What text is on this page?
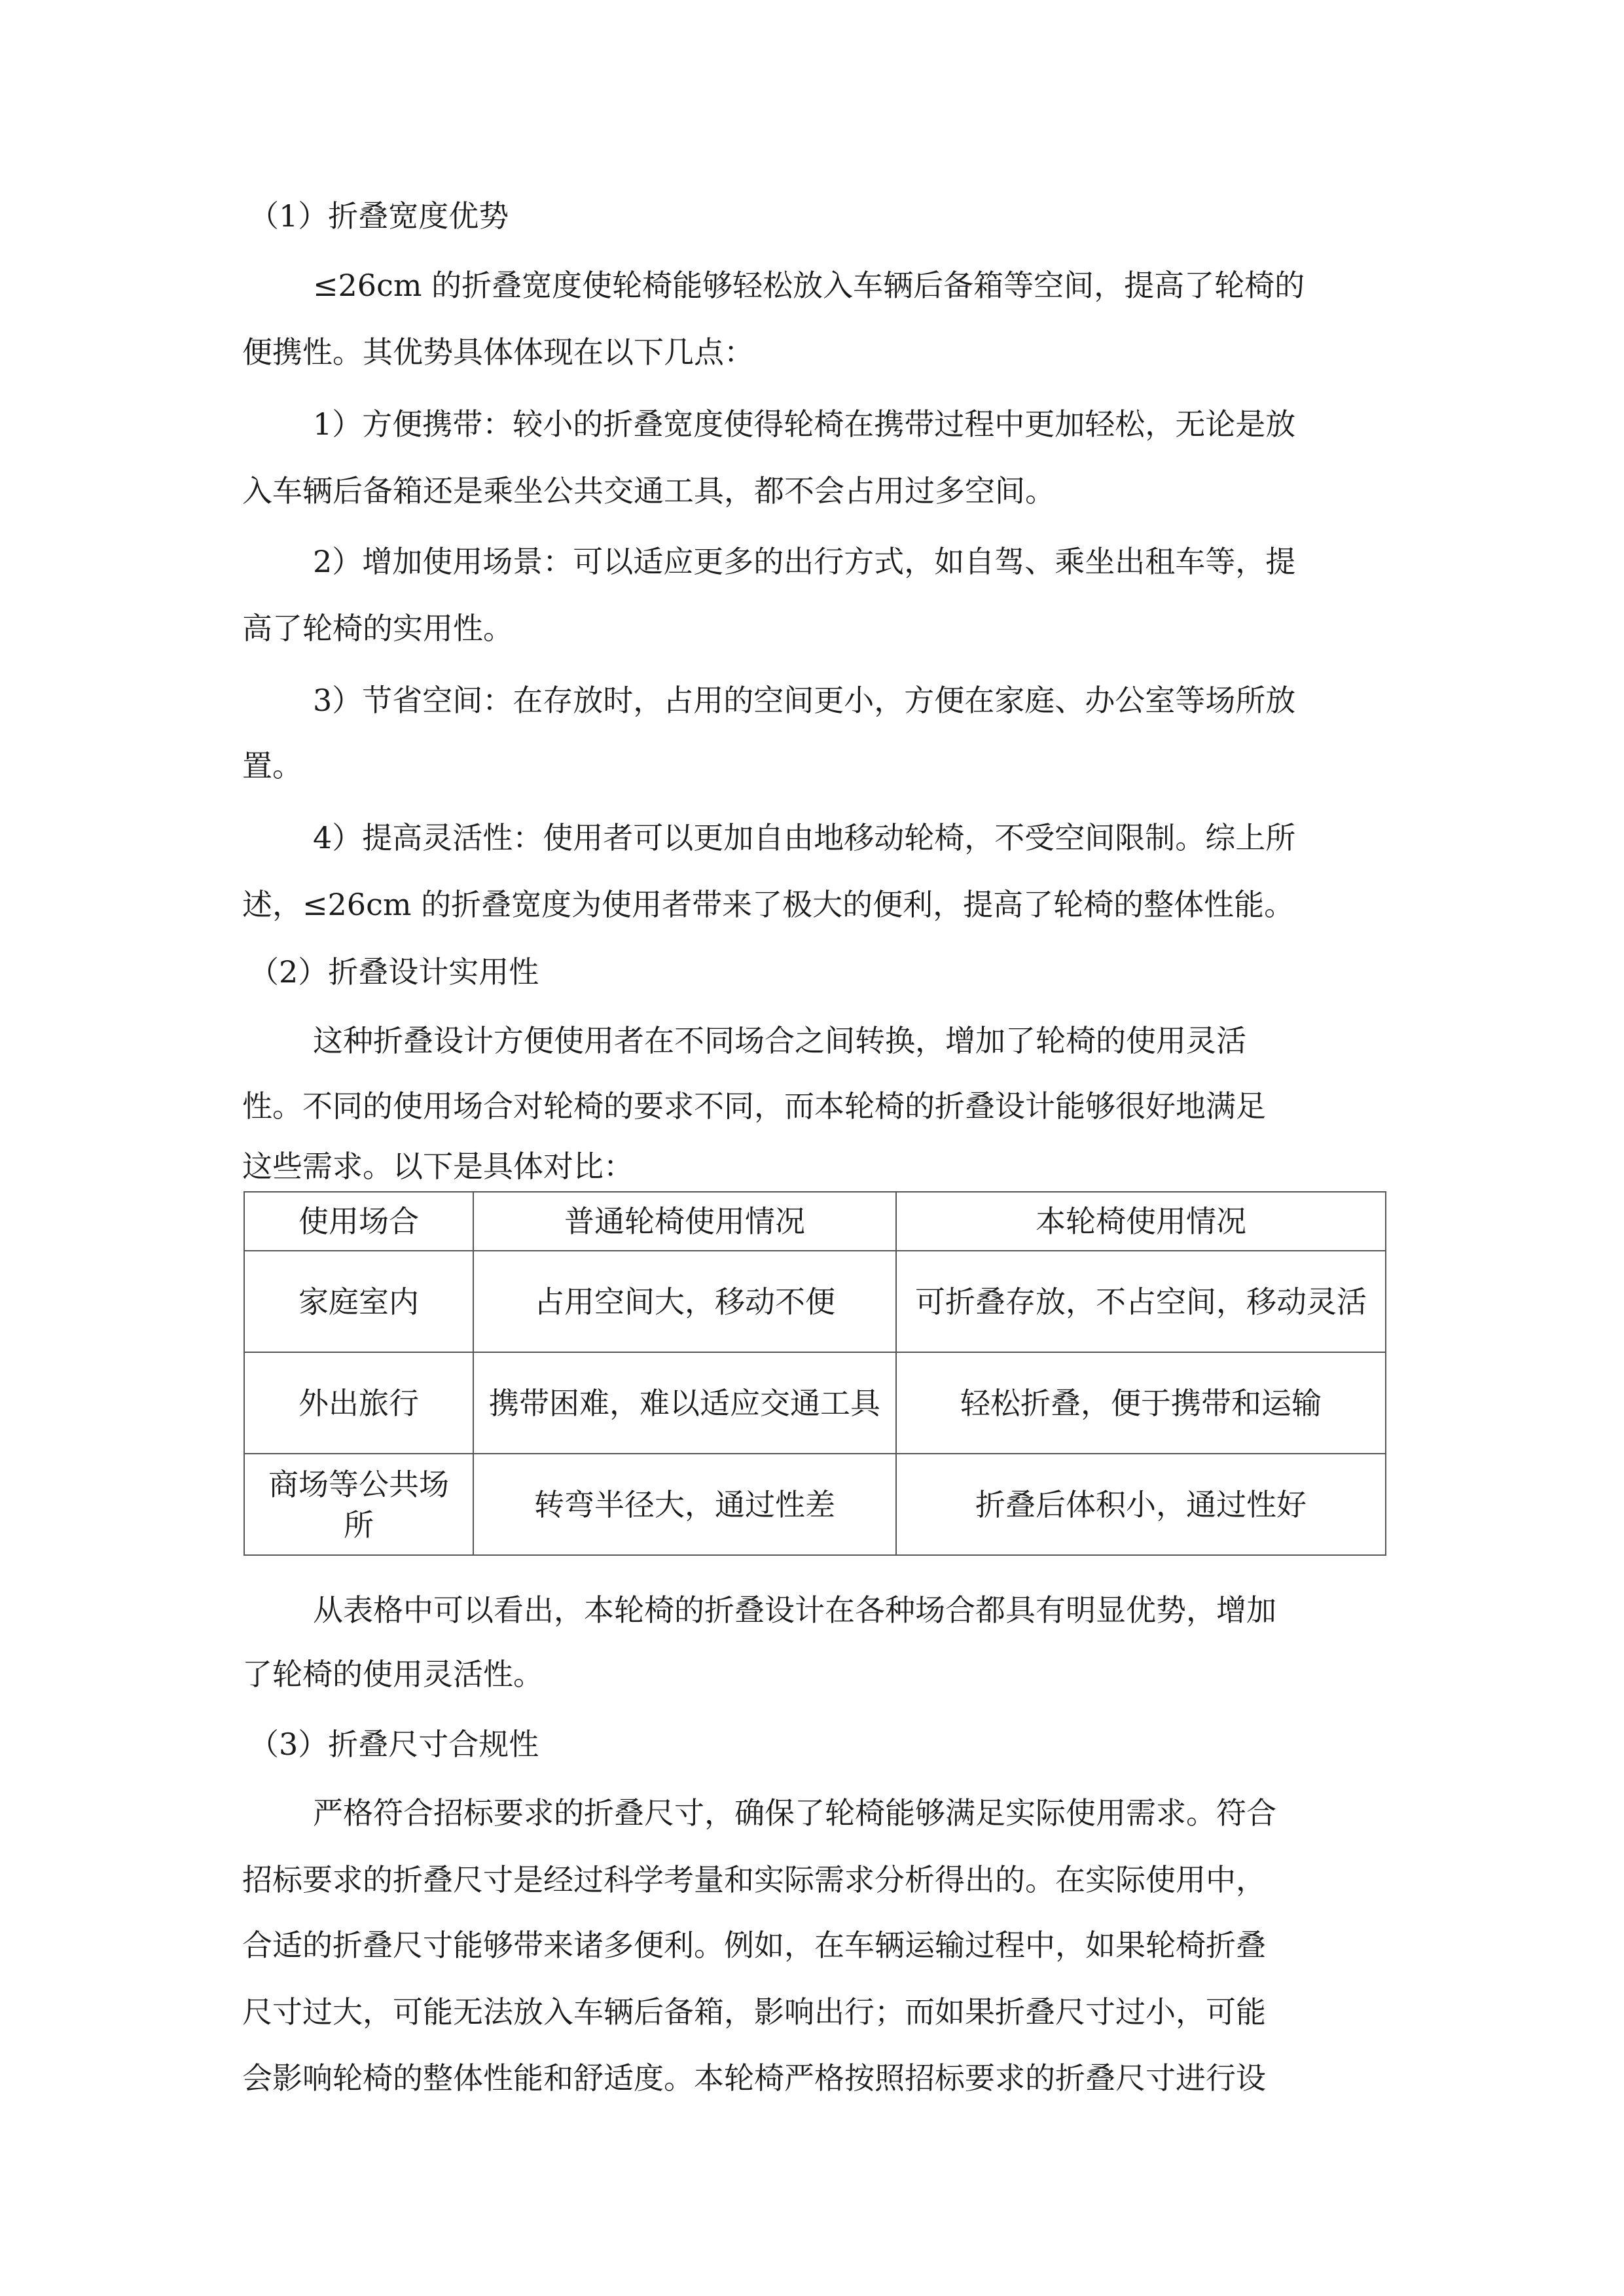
（1）折叠宽度优势
≤26cm 的折叠宽度使轮椅能够轻松放入车辆后备箱等空间，提高了轮椅的
便携性。其优势具体体现在以下几点：
1）方便携带：较小的折叠宽度使得轮椅在携带过程中更加轻松，无论是放
入车辆后备箱还是乘坐公共交通工具，都不会占用过多空间。
2）增加使用场景：可以适应更多的出行方式，如自驾、乘坐出租车等，提
高了轮椅的实用性。
3）节省空间：在存放时，占用的空间更小，方便在家庭、办公室等场所放
置。
4）提高灵活性：使用者可以更加自由地移动轮椅，不受空间限制。综上所
述，≤26cm 的折叠宽度为使用者带来了极大的便利，提高了轮椅的整体性能。
（2）折叠设计实用性
这种折叠设计方便使用者在不同场合之间转换，增加了轮椅的使用灵活
性。不同的使用场合对轮椅的要求不同，而本轮椅的折叠设计能够很好地满足
这些需求。以下是具体对比：
使用场合	普通轮椅使用情况	本轮椅使用情况
家庭室内	占用空间大，移动不便	可折叠存放，不占空间，移动灵活
外出旅行	携带困难，难以适应交通工具	轻松折叠，便于携带和运输
商场等公共场所	转弯半径大，通过性差	折叠后体积小，通过性好
从表格中可以看出，本轮椅的折叠设计在各种场合都具有明显优势，增加
了轮椅的使用灵活性。
（3）折叠尺寸合规性
严格符合招标要求的折叠尺寸，确保了轮椅能够满足实际使用需求。符合
招标要求的折叠尺寸是经过科学考量和实际需求分析得出的。在实际使用中，
合适的折叠尺寸能够带来诸多便利。例如，在车辆运输过程中，如果轮椅折叠
尺寸过大，可能无法放入车辆后备箱，影响出行；而如果折叠尺寸过小，可能
会影响轮椅的整体性能和舒适度。本轮椅严格按照招标要求的折叠尺寸进行设
